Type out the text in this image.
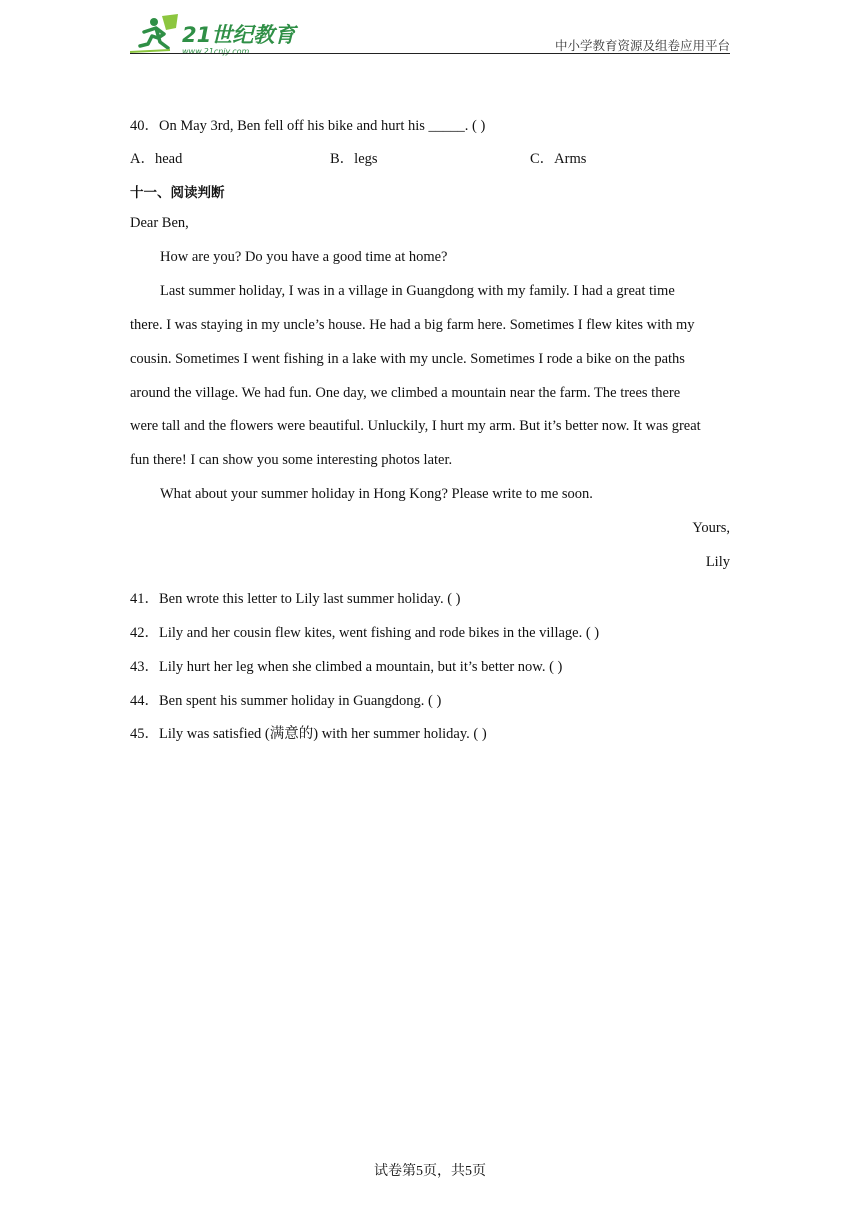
21世纪教育
www.21cnjy.com	中小学教育资源及组卷应用平台
40．On May 3rd, Ben fell off his bike and hurt his _____. ( )
A．head	B．legs	C．Arms
十一、阅读判断
Dear Ben,
How are you? Do you have a good time at home?
Last summer holiday, I was in a village in Guangdong with my family. I had a great time
there. I was staying in my uncle’s house. He had a big farm here. Sometimes I flew kites with my
cousin. Sometimes I went fishing in a lake with my uncle. Sometimes I rode a bike on the paths
around the village. We had fun. One day, we climbed a mountain near the farm. The trees there
were tall and the flowers were beautiful. Unluckily, I hurt my arm. But it’s better now. It was great
fun there! I can show you some interesting photos later.
What about your summer holiday in Hong Kong? Please write to me soon.
Yours,
Lily
41．Ben wrote this letter to Lily last summer holiday. ( )
42．Lily and her cousin flew kites, went fishing and rode bikes in the village. ( )
43．Lily hurt her leg when she climbed a mountain, but it’s better now. ( )
44．Ben spent his summer holiday in Guangdong. ( )
45．Lily was satisfied (满意的) with her summer holiday. ( )
试卷第5页，共5页
